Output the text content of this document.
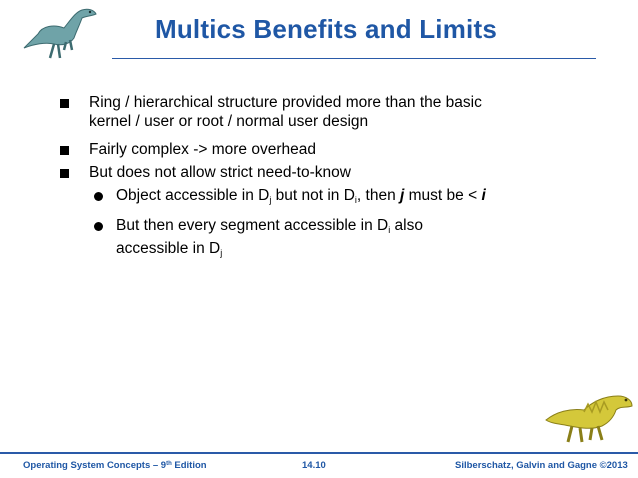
Multics Benefits and Limits
Ring / hierarchical structure provided more than the basic
kernel / user or root / normal user design
Fairly complex -> more overhead
But does not allow strict need-to-know
Object accessible in $D_j$ but not in $D_i$, then j must be < i
But then every segment accessible in $D_i$ also
accessible in $D_j$
Operating System Concepts – 9th Edition	14.10	Silberschatz, Galvin and Gagne ©2013
